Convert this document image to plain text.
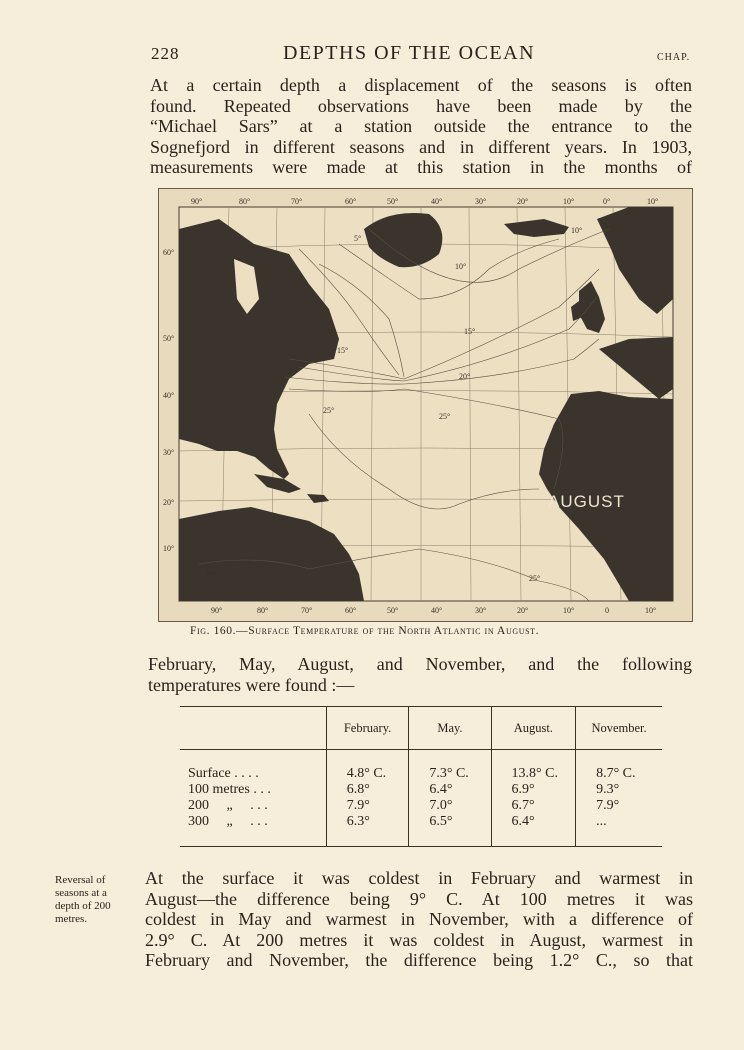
228	DEPTHS OF THE OCEAN	CHAP.
At a certain depth a displacement of the seasons is often
found. Repeated observations have been made by the
“Michael Sars” at a station outside the entrance to the
Sognefjord in different seasons and in different years. In 1903,
measurements were made at this station in the months of
90°	80°	70°	60°	50°	40°	30°	20°	10°	0°	10°
90°	80°	70°	60°	50°	40°	30°	20°	10°	0	10°
60°
50°
40°
30°
20°
10°
5°
10°
10°
15°
15°
20°
25°
25°
25°	25°
AUGUST
Fig. 160.—Surface Temperature of the North Atlantic in August.
February, May, August, and November, and the following
temperatures were found :—
	February.	May.	August.	November.
Surface . . . .	4.8° C.	7.3° C.	13.8° C.	8.7° C.
100 metres . . .	6.8°	6.4°	6.9°	9.3°
200     „     . . .	7.9°	7.0°	6.7°	7.9°
300     „     . . .	6.3°	6.5°	6.4°	...
Reversal of
seasons at a
depth of 200
metres.
At the surface it was coldest in February and warmest in
August—the difference being 9° C. At 100 metres it was
coldest in May and warmest in November, with a difference of
2.9° C. At 200 metres it was coldest in August, warmest in
February and November, the difference being 1.2° C., so that
